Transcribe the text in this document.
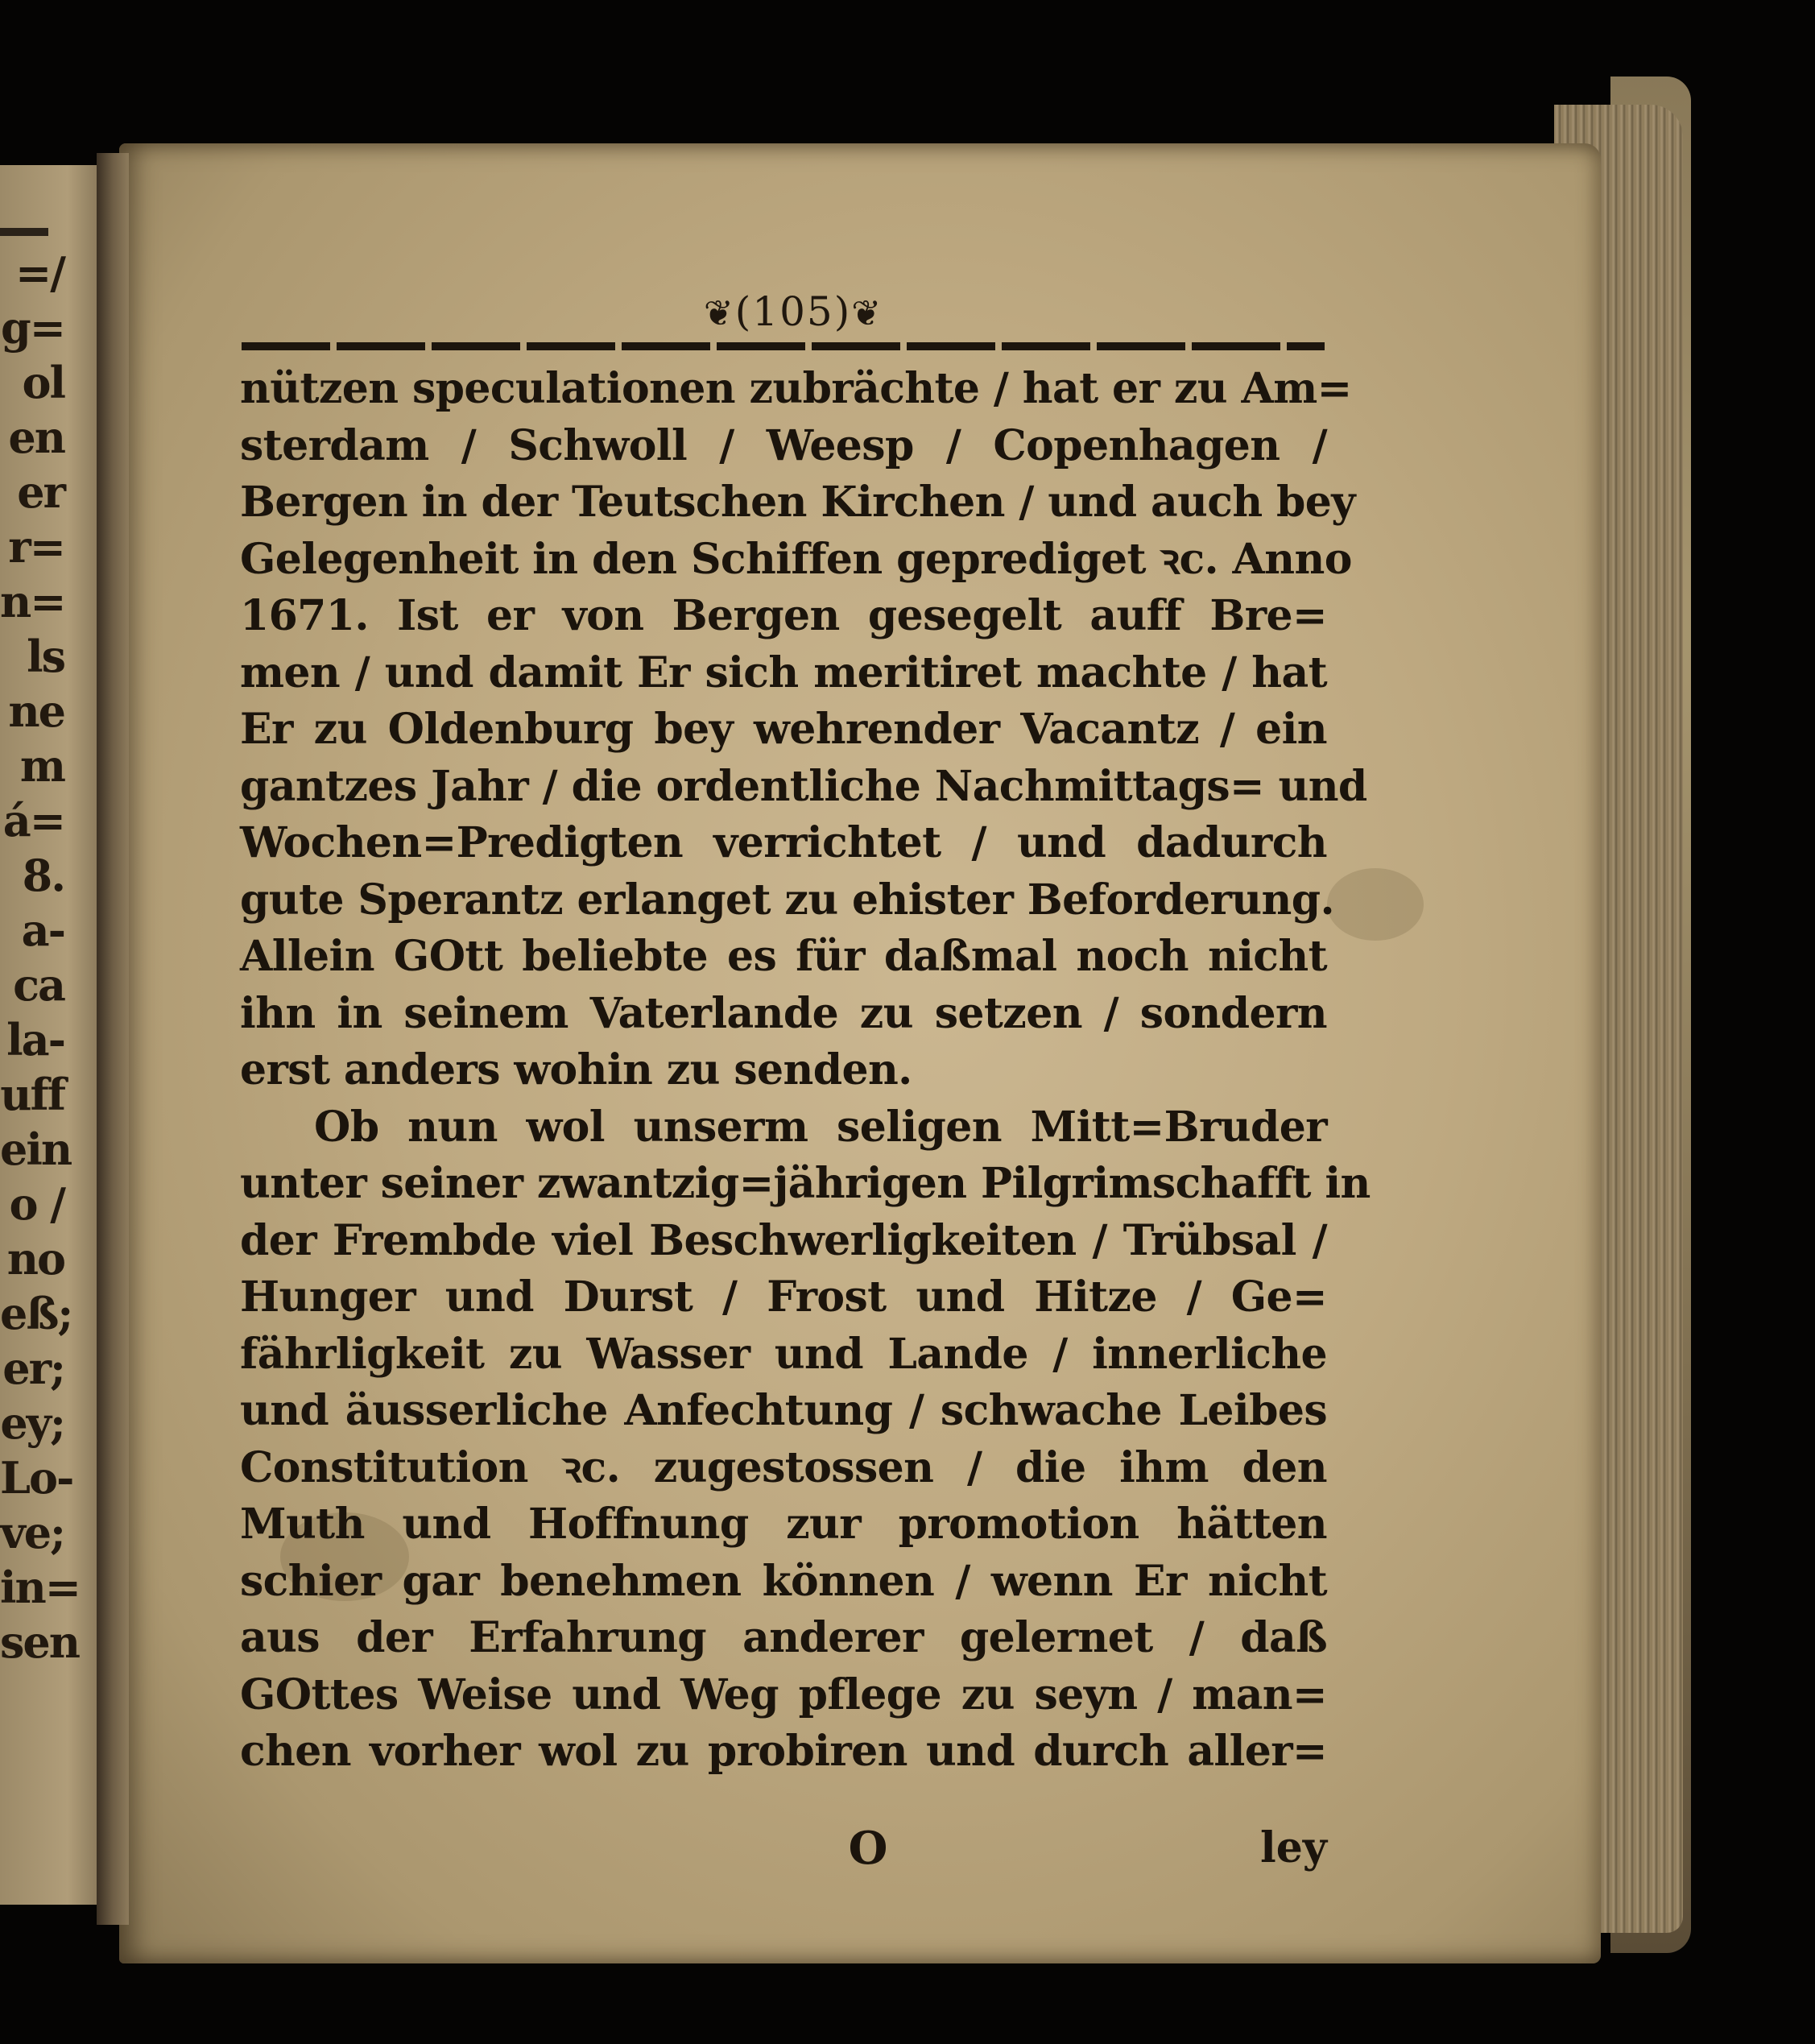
=/
g=
ol
en
er
r=
n=
ls
ne
m
á=
8.
a-
ca
la-
uff
ein
o /
no
eß;
er;
ey;
Lo-
ve;
in=
sen
❦(105)❦
nützen speculationen zubrächte / hat er zu Am=
sterdam / Schwoll / Weesp / Copenhagen /
Bergen in der Teutschen Kirchen / und auch bey
Gelegenheit in den Schiffen geprediget ꝛc. Anno
1671. Ist er von Bergen gesegelt auff Bre=
men / und damit Er sich meritiret machte / hat
Er zu Oldenburg bey wehrender Vacantz / ein
gantzes Jahr / die ordentliche Nachmittags= und
Wochen=Predigten verrichtet / und dadurch
gute Sperantz erlanget zu ehister Beforderung.
Allein GOtt beliebte es für daßmal noch nicht
ihn in seinem Vaterlande zu setzen / sondern
erst anders wohin zu senden.
Ob nun wol unserm seligen Mitt=Bruder
unter seiner zwantzig=jährigen Pilgrimschafft in
der Frembde viel Beschwerligkeiten / Trübsal /
Hunger und Durst / Frost und Hitze / Ge=
fährligkeit zu Wasser und Lande / innerliche
und äusserliche Anfechtung / schwache Leibes
Constitution ꝛc. zugestossen / die ihm den
Muth und Hoffnung zur promotion hätten
schier gar benehmen können / wenn Er nicht
aus der Erfahrung anderer gelernet / daß
GOttes Weise und Weg pflege zu seyn / man=
chen vorher wol zu probiren und durch aller=
O	ley
